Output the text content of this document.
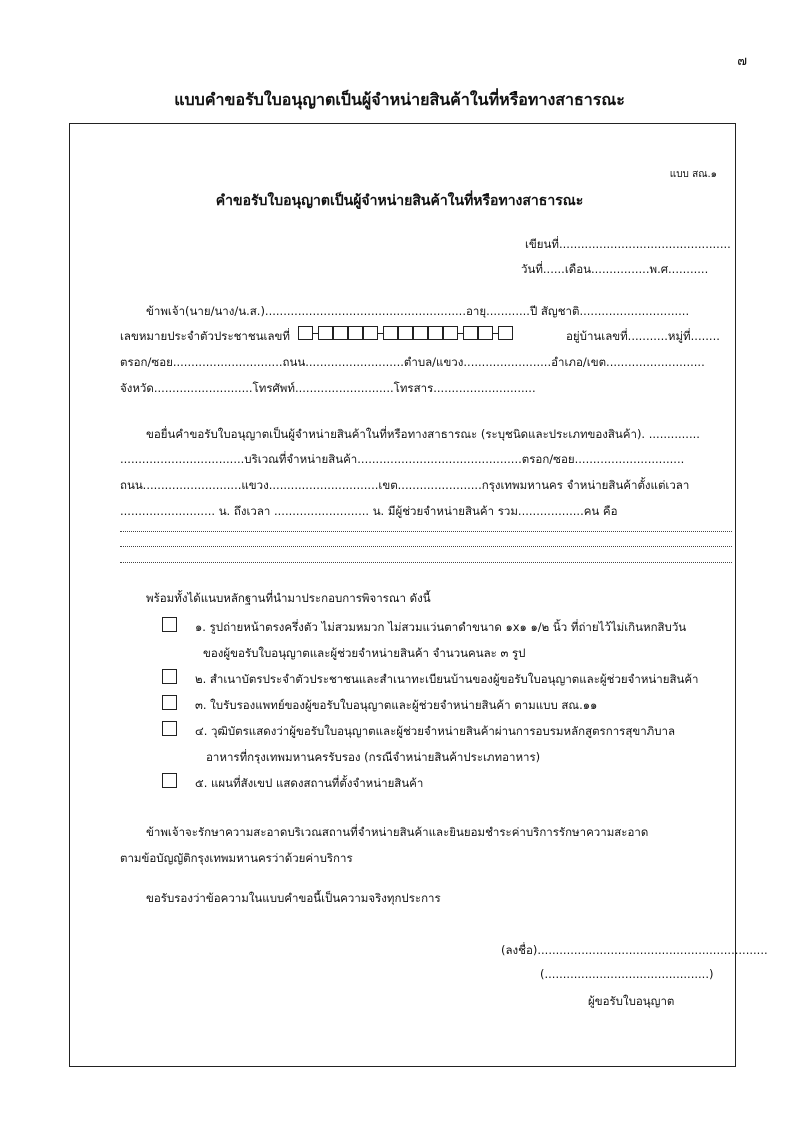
๗
แบบคำขอรับใบอนุญาตเป็นผู้จำหน่ายสินค้าในที่หรือทางสาธารณะ
แบบ สณ.๑
คำขอรับใบอนุญาตเป็นผู้จำหน่ายสินค้าในที่หรือทางสาธารณะ
เขียนที่...............................................
วันที่......เดือน................พ.ศ...........
ข้าพเจ้า(นาย/นาง/น.ส.).......................................................อายุ............ปี สัญชาติ..............................
เลขหมายประจำตัวประชาชนเลขที่	อยู่บ้านเลขที่...........หมู่ที่........
ตรอก/ซอย..............................ถนน...........................ตำบล/แขวง........................อำเภอ/เขต...........................
จังหวัด...........................โทรศัพท์...........................โทรสาร............................
ขอยื่นคำขอรับใบอนุญาตเป็นผู้จำหน่ายสินค้าในที่หรือทางสาธารณะ (ระบุชนิดและประเภทของสินค้า). ..............
..................................บริเวณที่จำหน่ายสินค้า.............................................ตรอก/ซอย..............................
ถนน...........................แขวง..............................เขต.......................กรุงเทพมหานคร จำหน่ายสินค้าตั้งแต่เวลา
.......................... น. ถึงเวลา .......................... น. มีผู้ช่วยจำหน่ายสินค้า รวม..................คน คือ
พร้อมทั้งได้แนบหลักฐานที่นำมาประกอบการพิจารณา ดังนี้
๑. รูปถ่ายหน้าตรงครึ่งตัว ไม่สวมหมวก ไม่สวมแว่นตาดำขนาด ๑x๑ ๑/๒ นิ้ว ที่ถ่ายไว้ไม่เกินหกสิบวัน
ของผู้ขอรับใบอนุญาตและผู้ช่วยจำหน่ายสินค้า จำนวนคนละ ๓ รูป
๒. สำเนาบัตรประจำตัวประชาชนและสำเนาทะเบียนบ้านของผู้ขอรับใบอนุญาตและผู้ช่วยจำหน่ายสินค้า
๓. ใบรับรองแพทย์ของผู้ขอรับใบอนุญาตและผู้ช่วยจำหน่ายสินค้า ตามแบบ สณ.๑๑
๔. วุฒิบัตรแสดงว่าผู้ขอรับใบอนุญาตและผู้ช่วยจำหน่ายสินค้าผ่านการอบรมหลักสูตรการสุขาภิบาล
อาหารที่กรุงเทพมหานครรับรอง (กรณีจำหน่ายสินค้าประเภทอาหาร)
๕. แผนที่สังเขป แสดงสถานที่ตั้งจำหน่ายสินค้า
ข้าพเจ้าจะรักษาความสะอาดบริเวณสถานที่จำหน่ายสินค้าและยินยอมชำระค่าบริการรักษาความสะอาด
ตามข้อบัญญัติกรุงเทพมหานครว่าด้วยค่าบริการ
ขอรับรองว่าข้อความในแบบคำขอนี้เป็นความจริงทุกประการ
(ลงชื่อ)...............................................................
(.............................................)
ผู้ขอรับใบอนุญาต
